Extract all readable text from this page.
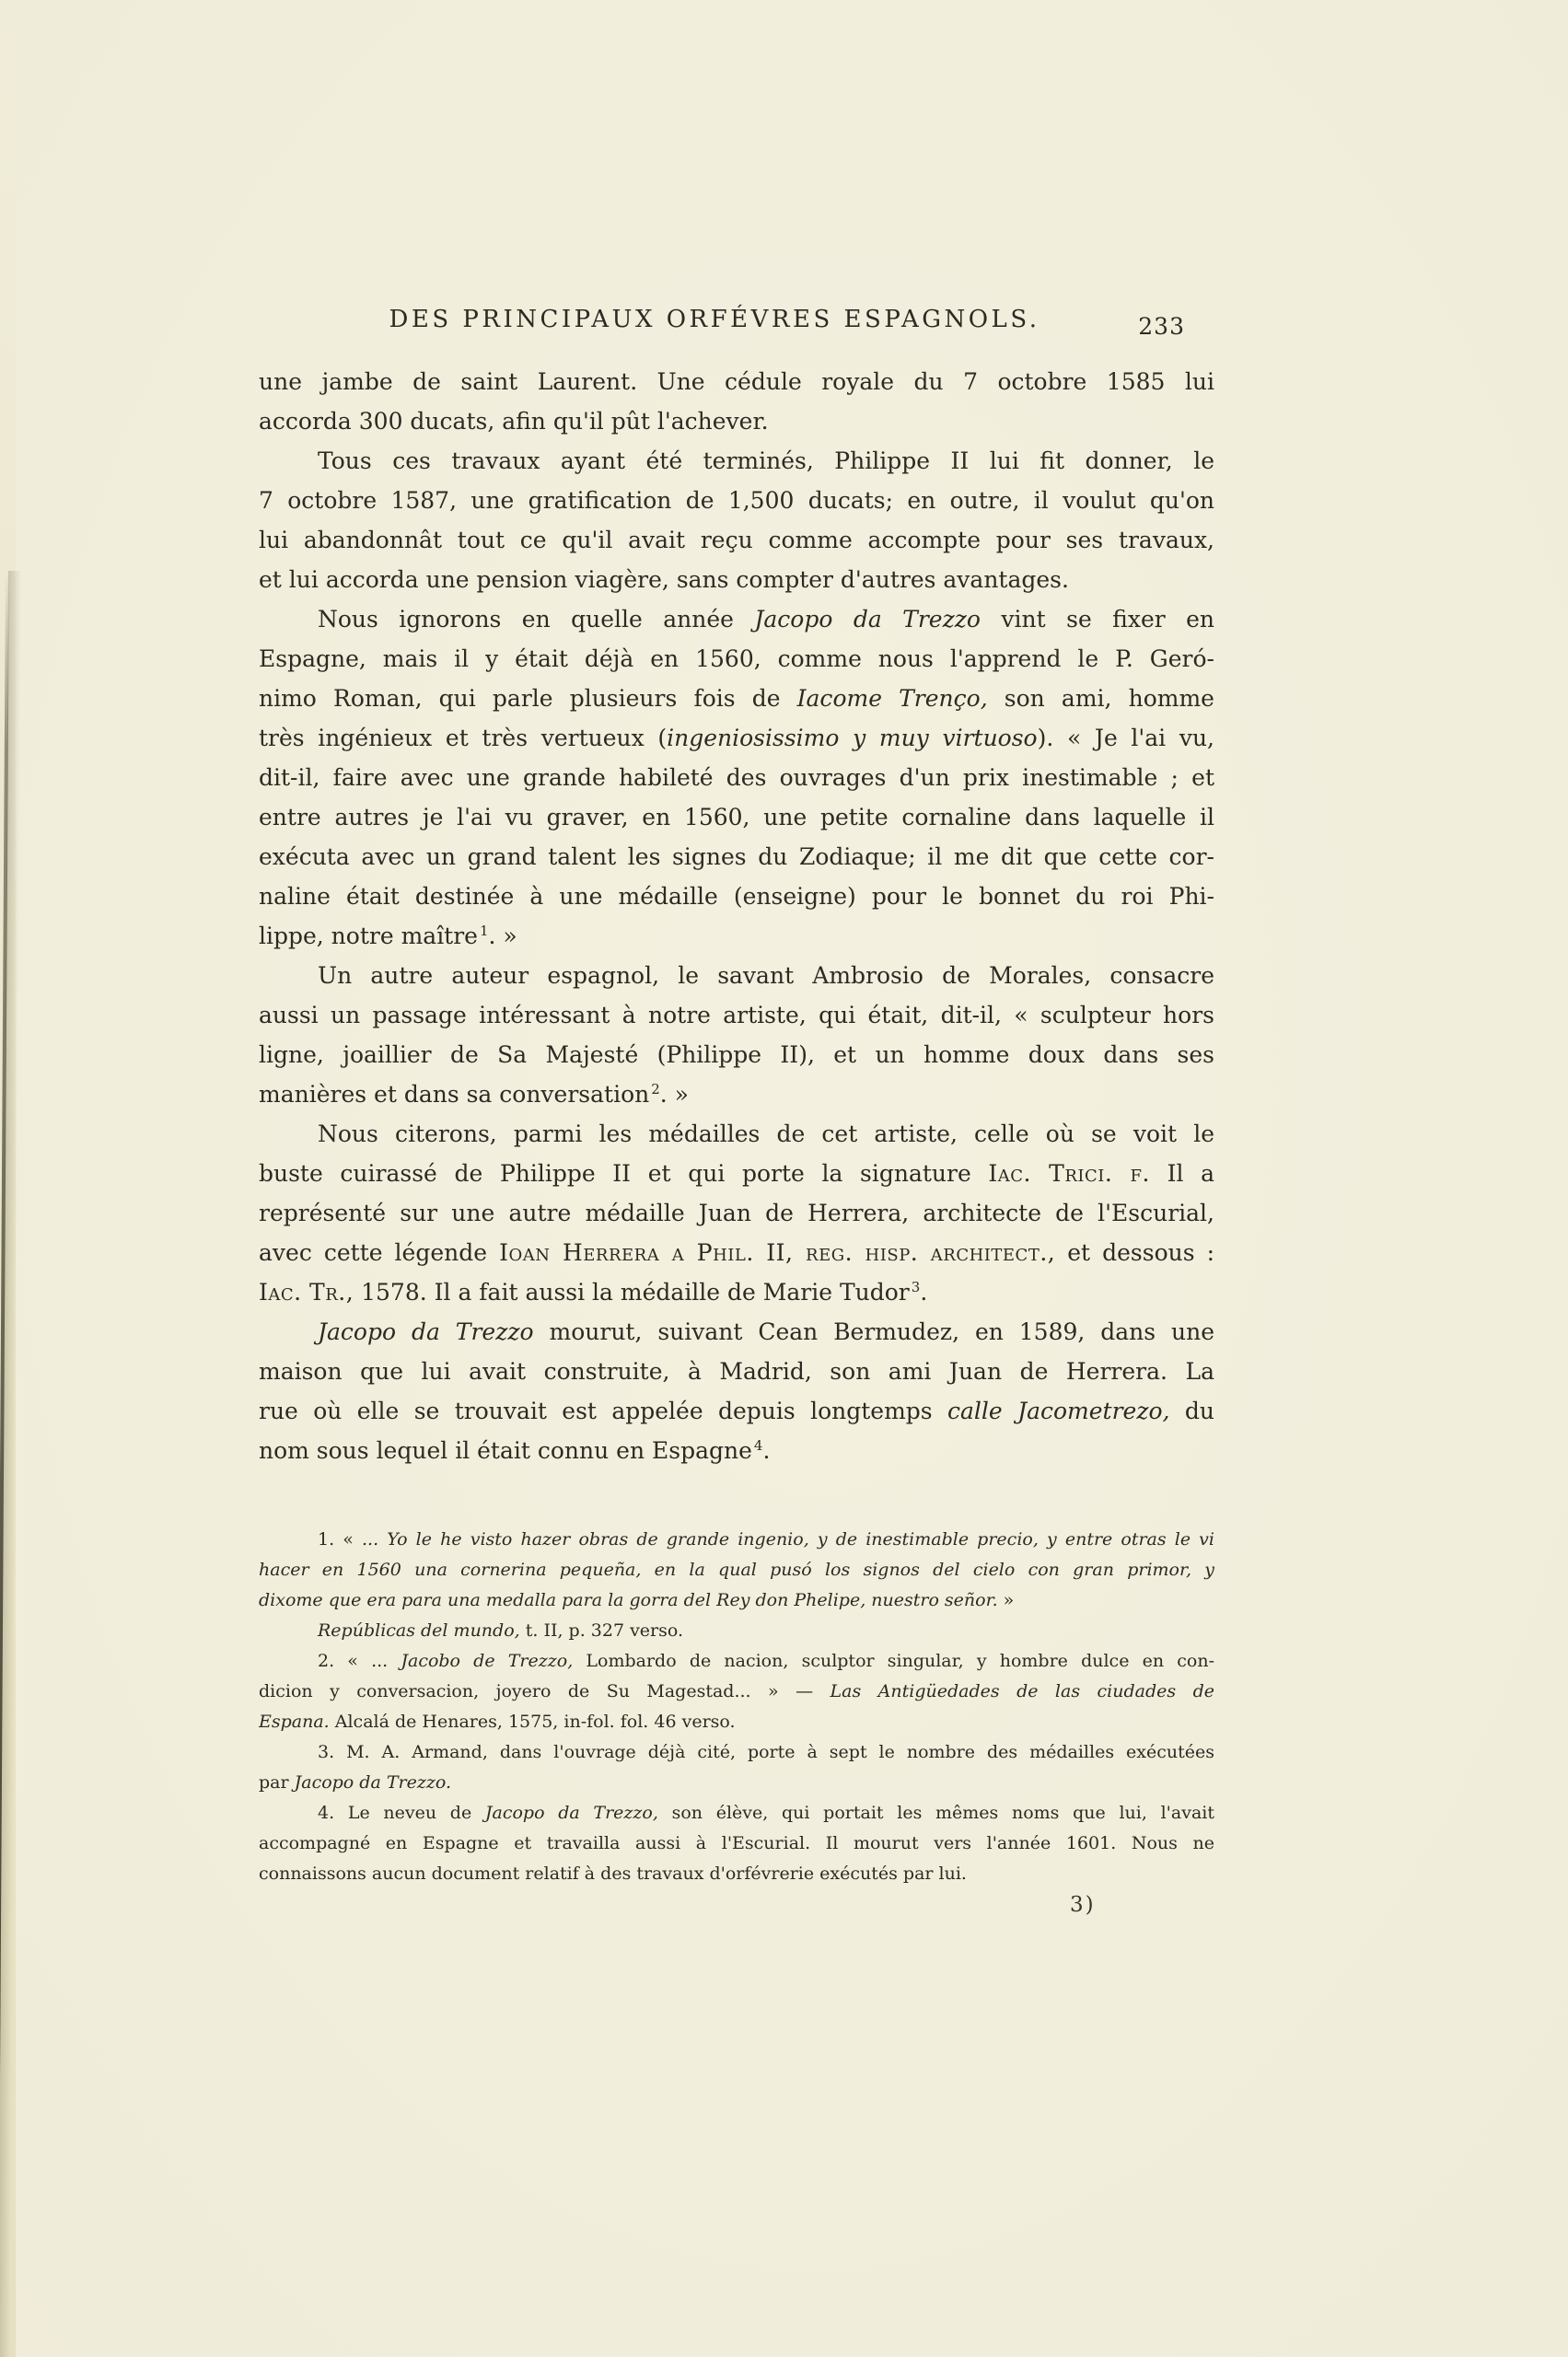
DES PRINCIPAUX ORFÉVRES ESPAGNOLS.	233
une jambe de saint Laurent. Une cédule royale du 7 octobre 1585 lui
accorda 300 ducats, afin qu'il pût l'achever.
Tous ces travaux ayant été terminés, Philippe II lui fit donner, le
7 octobre 1587, une gratification de 1,500 ducats; en outre, il voulut qu'on
lui abandonnât tout ce qu'il avait reçu comme accompte pour ses travaux,
et lui accorda une pension viagère, sans compter d'autres avantages.
Nous ignorons en quelle année Jacopo da Trezzo vint se fixer en
Espagne, mais il y était déjà en 1560, comme nous l'apprend le P. Geró-
nimo Roman, qui parle plusieurs fois de Iacome Trenço, son ami, homme
très ingénieux et très vertueux (ingeniosissimo y muy virtuoso). « Je l'ai vu,
dit-il, faire avec une grande habileté des ouvrages d'un prix inestimable ; et
entre autres je l'ai vu graver, en 1560, une petite cornaline dans laquelle il
exécuta avec un grand talent les signes du Zodiaque; il me dit que cette cor-
naline était destinée à une médaille (enseigne) pour le bonnet du roi Phi-
lippe, notre maître $^1$. »
Un autre auteur espagnol, le savant Ambrosio de Morales, consacre
aussi un passage intéressant à notre artiste, qui était, dit-il, « sculpteur hors
ligne, joaillier de Sa Majesté (Philippe II), et un homme doux dans ses
manières et dans sa conversation $^2$. »
Nous citerons, parmi les médailles de cet artiste, celle où se voit le
buste cuirassé de Philippe II et qui porte la signature Iac. Trici. f. Il a
représenté sur une autre médaille Juan de Herrera, architecte de l'Escurial,
avec cette légende Ioan Herrera a Phil. II, reg. hisp. architect., et dessous :
Iac. Tr., 1578. Il a fait aussi la médaille de Marie Tudor $^3$.
Jacopo da Trezzo mourut, suivant Cean Bermudez, en 1589, dans une
maison que lui avait construite, à Madrid, son ami Juan de Herrera. La
rue où elle se trouvait est appelée depuis longtemps calle Jacometrezo, du
nom sous lequel il était connu en Espagne $^4$.
1. « ... Yo le he visto hazer obras de grande ingenio, y de inestimable precio, y entre otras le vi
hacer en 1560 una cornerina pequeña, en la qual pusó los signos del cielo con gran primor, y
dixome que era para una medalla para la gorra del Rey don Phelipe, nuestro señor. »
Repúblicas del mundo, t. II, p. 327 verso.
2. « ... Jacobo de Trezzo, Lombardo de nacion, sculptor singular, y hombre dulce en con-
dicion y conversacion, joyero de Su Magestad... » — Las Antigüedades de las ciudades de
Espana. Alcalá de Henares, 1575, in-fol. fol. 46 verso.
3. M. A. Armand, dans l'ouvrage déjà cité, porte à sept le nombre des médailles exécutées
par Jacopo da Trezzo.
4. Le neveu de Jacopo da Trezzo, son élève, qui portait les mêmes noms que lui, l'avait
accompagné en Espagne et travailla aussi à l'Escurial. Il mourut vers l'année 1601. Nous ne
connaissons aucun document relatif à des travaux d'orfévrerie exécutés par lui.
3)
